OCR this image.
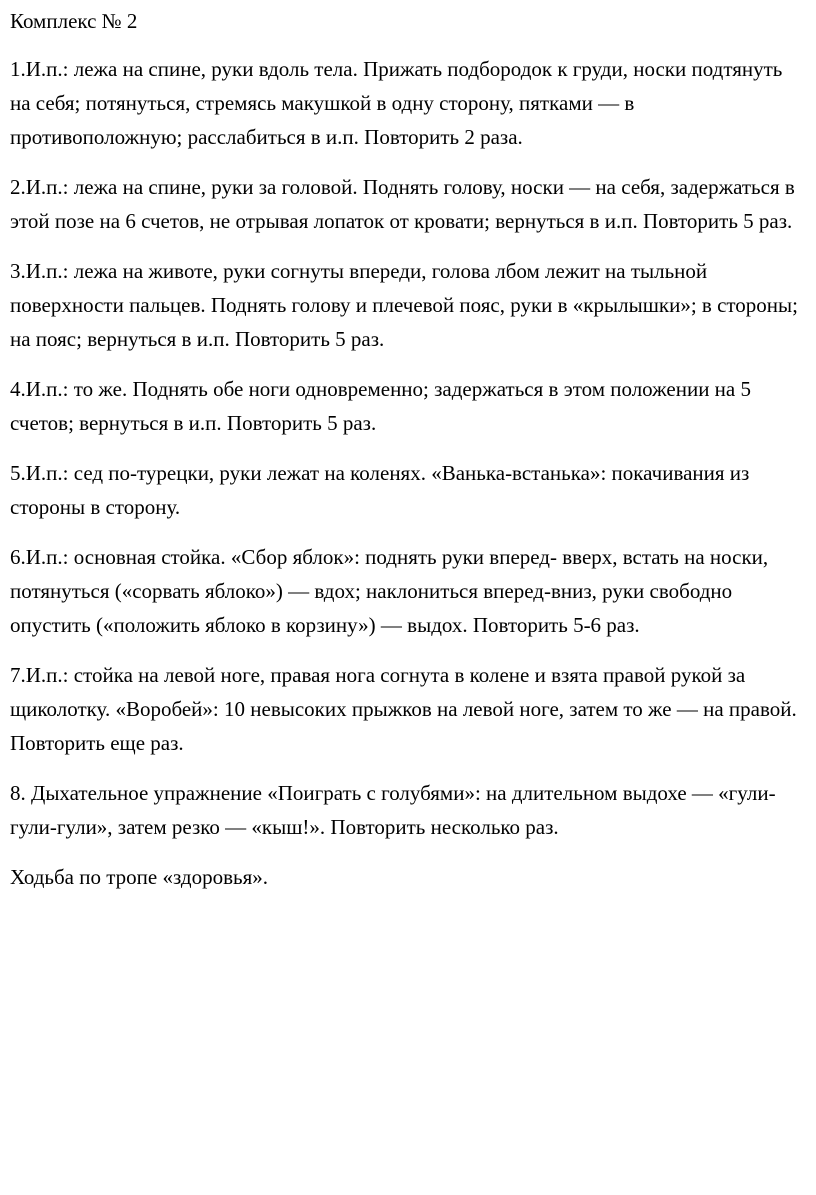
Комплекс № 2
1.И.п.: лежа на спине, руки вдоль тела. Прижать подбородок к груди, носки подтянуть на себя; потянуться, стремясь макушкой в одну сторону, пятками — в противоположную; расслабиться в и.п. Повторить 2 раза.
2.И.п.: лежа на спине, руки за головой. Поднять голову, носки — на себя, задержаться в этой позе на 6 счетов, не отрывая лопаток от кровати; вернуться в и.п. Повторить 5 раз.
3.И.п.: лежа на животе, руки согнуты впереди, голова лбом лежит на тыльной поверхности пальцев. Поднять голову и плечевой пояс, руки в «крылышки»; в стороны; на пояс; вернуться в и.п. Повторить 5 раз.
4.И.п.: то же. Поднять обе ноги одновременно; задержаться в этом положении на 5 счетов; вернуться в и.п. Повторить 5 раз.
5.И.п.: сед по-турецки, руки лежат на коленях. «Ванька-встанька»: покачивания из стороны в сторону.
6.И.п.: основная стойка. «Сбор яблок»: поднять руки вперед- вверх, встать на носки, потянуться («сорвать яблоко») — вдох; наклониться вперед-вниз, руки свободно опустить («положить яблоко в корзину») — выдох. Повторить 5-6 раз.
7.И.п.: стойка на левой ноге, правая нога согнута в колене и взята правой рукой за щиколотку. «Воробей»: 10 невысоких прыжков на левой ноге, затем то же — на правой. Повторить еще раз.
8. Дыхательное упражнение «Поиграть с голубями»: на длительном выдохе — «гули-гули-гули», затем резко — «кыш!». Повторить несколько раз.
Ходьба по тропе «здоровья».
